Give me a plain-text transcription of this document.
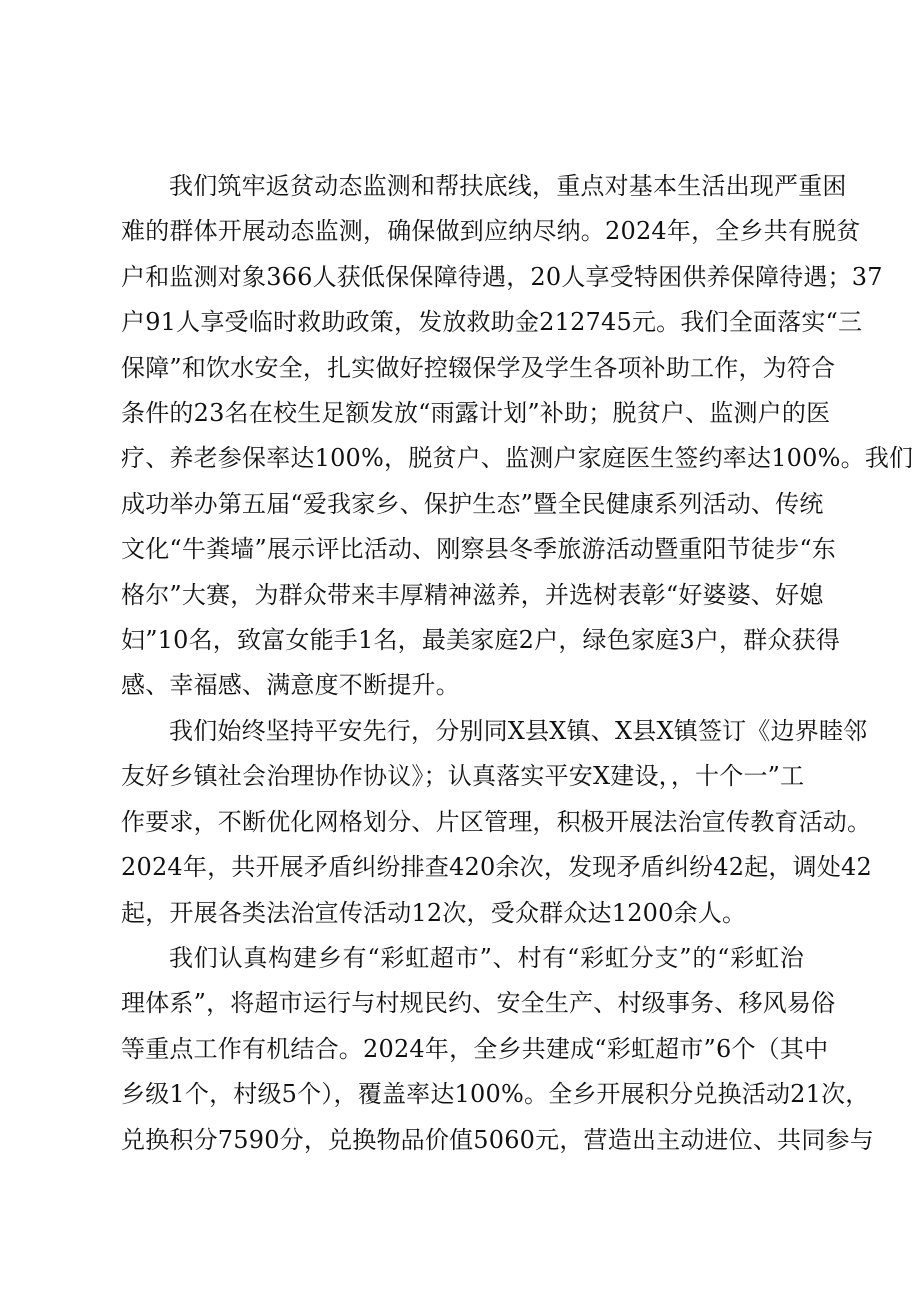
我们筑牢返贫动态监测和帮扶底线，重点对基本生活出现严重困
难的群体开展动态监测，确保做到应纳尽纳。2024年，全乡共有脱贫
户和监测对象366人获低保保障待遇，20人享受特困供养保障待遇；37
户91人享受临时救助政策，发放救助金212745元。我们全面落实“三
保障”和饮水安全，扎实做好控辍保学及学生各项补助工作，为符合
条件的23名在校生足额发放“雨露计划”补助；脱贫户、监测户的医
疗、养老参保率达100%，脱贫户、监测户家庭医生签约率达100%。我们
成功举办第五届“爱我家乡、保护生态”暨全民健康系列活动、传统
文化“牛粪墙”展示评比活动、刚察县冬季旅游活动暨重阳节徒步“东
格尔”大赛，为群众带来丰厚精神滋养，并选树表彰“好婆婆、好媳
妇”10名，致富女能手1名，最美家庭2户，绿色家庭3户，群众获得
感、幸福感、满意度不断提升。

我们始终坚持平安先行，分别同X县X镇、X县X镇签订《边界睦邻
友好乡镇社会治理协作协议》；认真落实平安X建设，，十个一”工
作要求，不断优化网格划分、片区管理，积极开展法治宣传教育活动。
2024年，共开展矛盾纠纷排查420余次，发现矛盾纠纷42起，调处42
起，开展各类法治宣传活动12次，受众群众达1200余人。

我们认真构建乡有“彩虹超市”、村有“彩虹分支”的“彩虹治
理体系”，将超市运行与村规民约、安全生产、村级事务、移风易俗
等重点工作有机结合。2024年，全乡共建成“彩虹超市”6个（其中
乡级1个，村级5个），覆盖率达100%。全乡开展积分兑换活动21次，
兑换积分7590分，兑换物品价值5060元，营造出主动进位、共同参与
